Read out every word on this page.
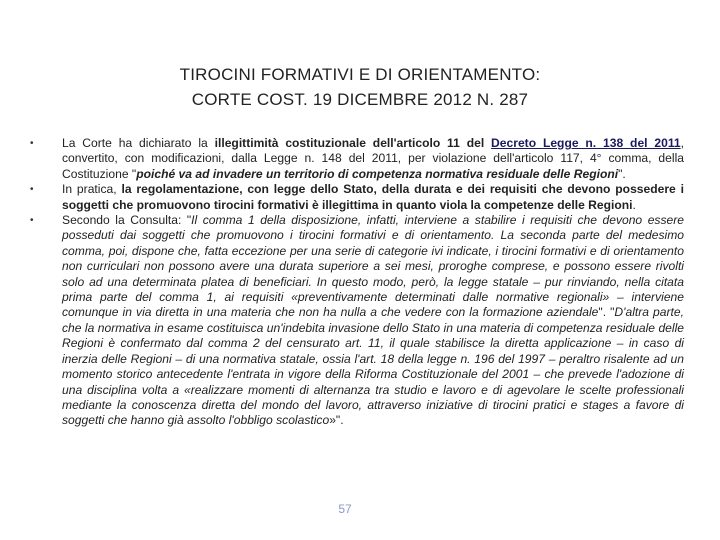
TIROCINI FORMATIVI E DI ORIENTAMENTO:
CORTE COST. 19 DICEMBRE 2012 N. 287
• La Corte ha dichiarato la illegittimità costituzionale dell'articolo 11 del Decreto Legge n. 138 del 2011, convertito, con modificazioni, dalla Legge n. 148 del 2011, per violazione dell'articolo 117, 4° comma, della Costituzione "poiché va ad invadere un territorio di competenza normativa residuale delle Regioni".
• In pratica, la regolamentazione, con legge dello Stato, della durata e dei requisiti che devono possedere i soggetti che promuovono tirocini formativi è illegittima in quanto viola la competenze delle Regioni.
• Secondo la Consulta: "Il comma 1 della disposizione, infatti, interviene a stabilire i requisiti che devono essere posseduti dai soggetti che promuovono i tirocini formativi e di orientamento. La seconda parte del medesimo comma, poi, dispone che, fatta eccezione per una serie di categorie ivi indicate, i tirocini formativi e di orientamento non curriculari non possono avere una durata superiore a sei mesi, proroghe comprese, e possono essere rivolti solo ad una determinata platea di beneficiari. In questo modo, però, la legge statale – pur rinviando, nella citata prima parte del comma 1, ai requisiti «preventivamente determinati dalle normative regionali» – interviene comunque in via diretta in una materia che non ha nulla a che vedere con la formazione aziendale". "D'altra parte, che la normativa in esame costituisca un'indebita invasione dello Stato in una materia di competenza residuale delle Regioni è confermato dal comma 2 del censurato art. 11, il quale stabilisce la diretta applicazione – in caso di inerzia delle Regioni – di una normativa statale, ossia l'art. 18 della legge n. 196 del 1997 – peraltro risalente ad un momento storico antecedente l'entrata in vigore della Riforma Costituzionale del 2001 – che prevede l'adozione di una disciplina volta a «realizzare momenti di alternanza tra studio e lavoro e di agevolare le scelte professionali mediante la conoscenza diretta del mondo del lavoro, attraverso iniziative di tirocini pratici e stages a favore di soggetti che hanno già assolto l'obbligo scolastico»".
57
